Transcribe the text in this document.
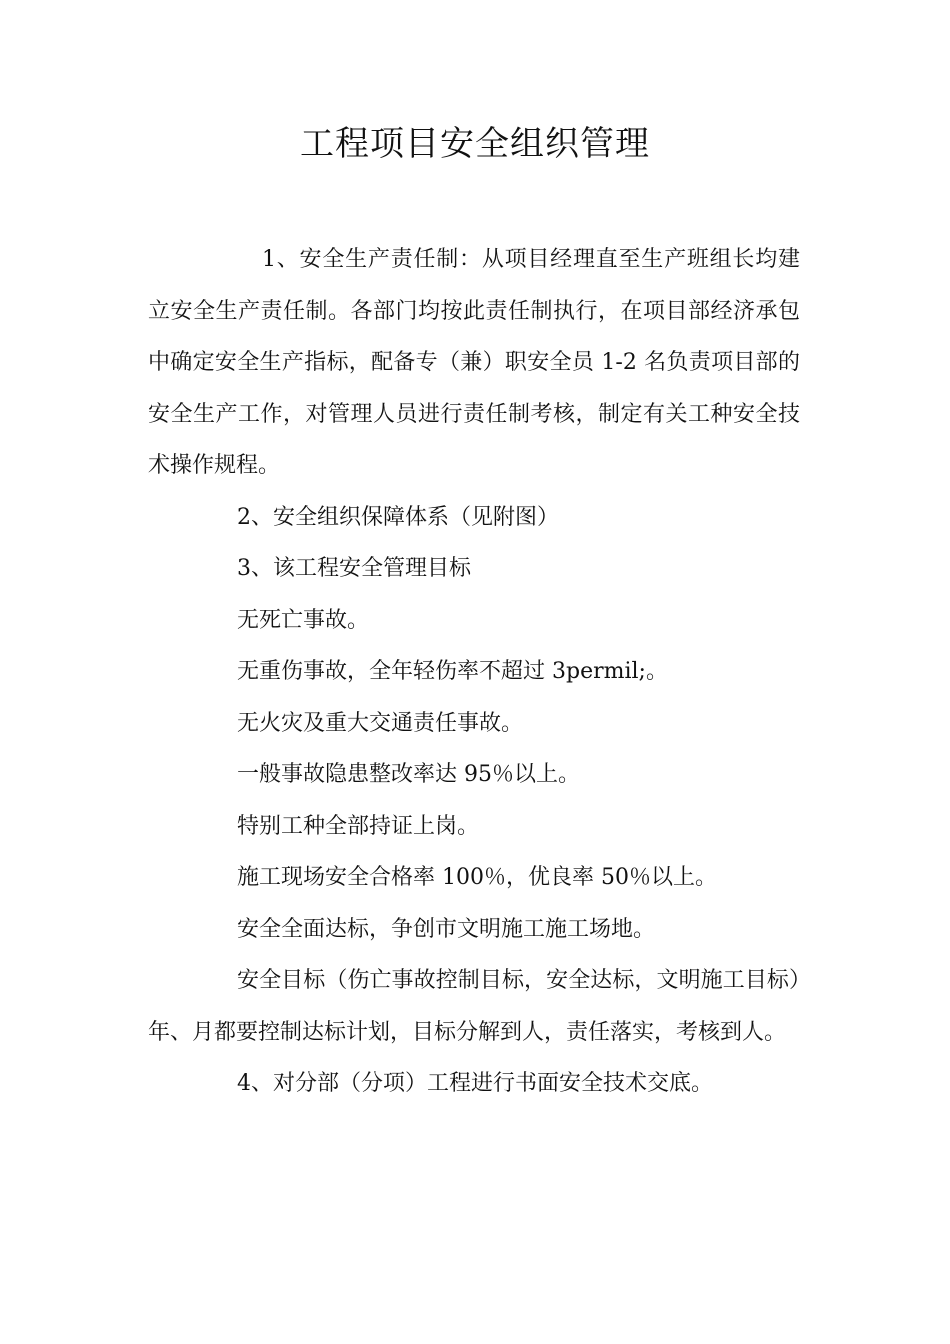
工程项目安全组织管理

1、安全生产责任制：从项目经理直至生产班组长均建立安全生产责任制。各部门均按此责任制执行，在项目部经济承包中确定安全生产指标，配备专（兼）职安全员 1-2 名负责项目部的安全生产工作，对管理人员进行责任制考核，制定有关工种安全技术操作规程。

2、安全组织保障体系（见附图）

3、该工程安全管理目标

无死亡事故。

无重伤事故，全年轻伤率不超过 3permil;。

无火灾及重大交通责任事故。

一般事故隐患整改率达 95％以上。

特别工种全部持证上岗。

施工现场安全合格率 100％，优良率 50％以上。

安全全面达标，争创市文明施工施工场地。

安全目标（伤亡事故控制目标，安全达标，文明施工目标）年、月都要控制达标计划，目标分解到人，责任落实，考核到人。

4、对分部（分项）工程进行书面安全技术交底。
